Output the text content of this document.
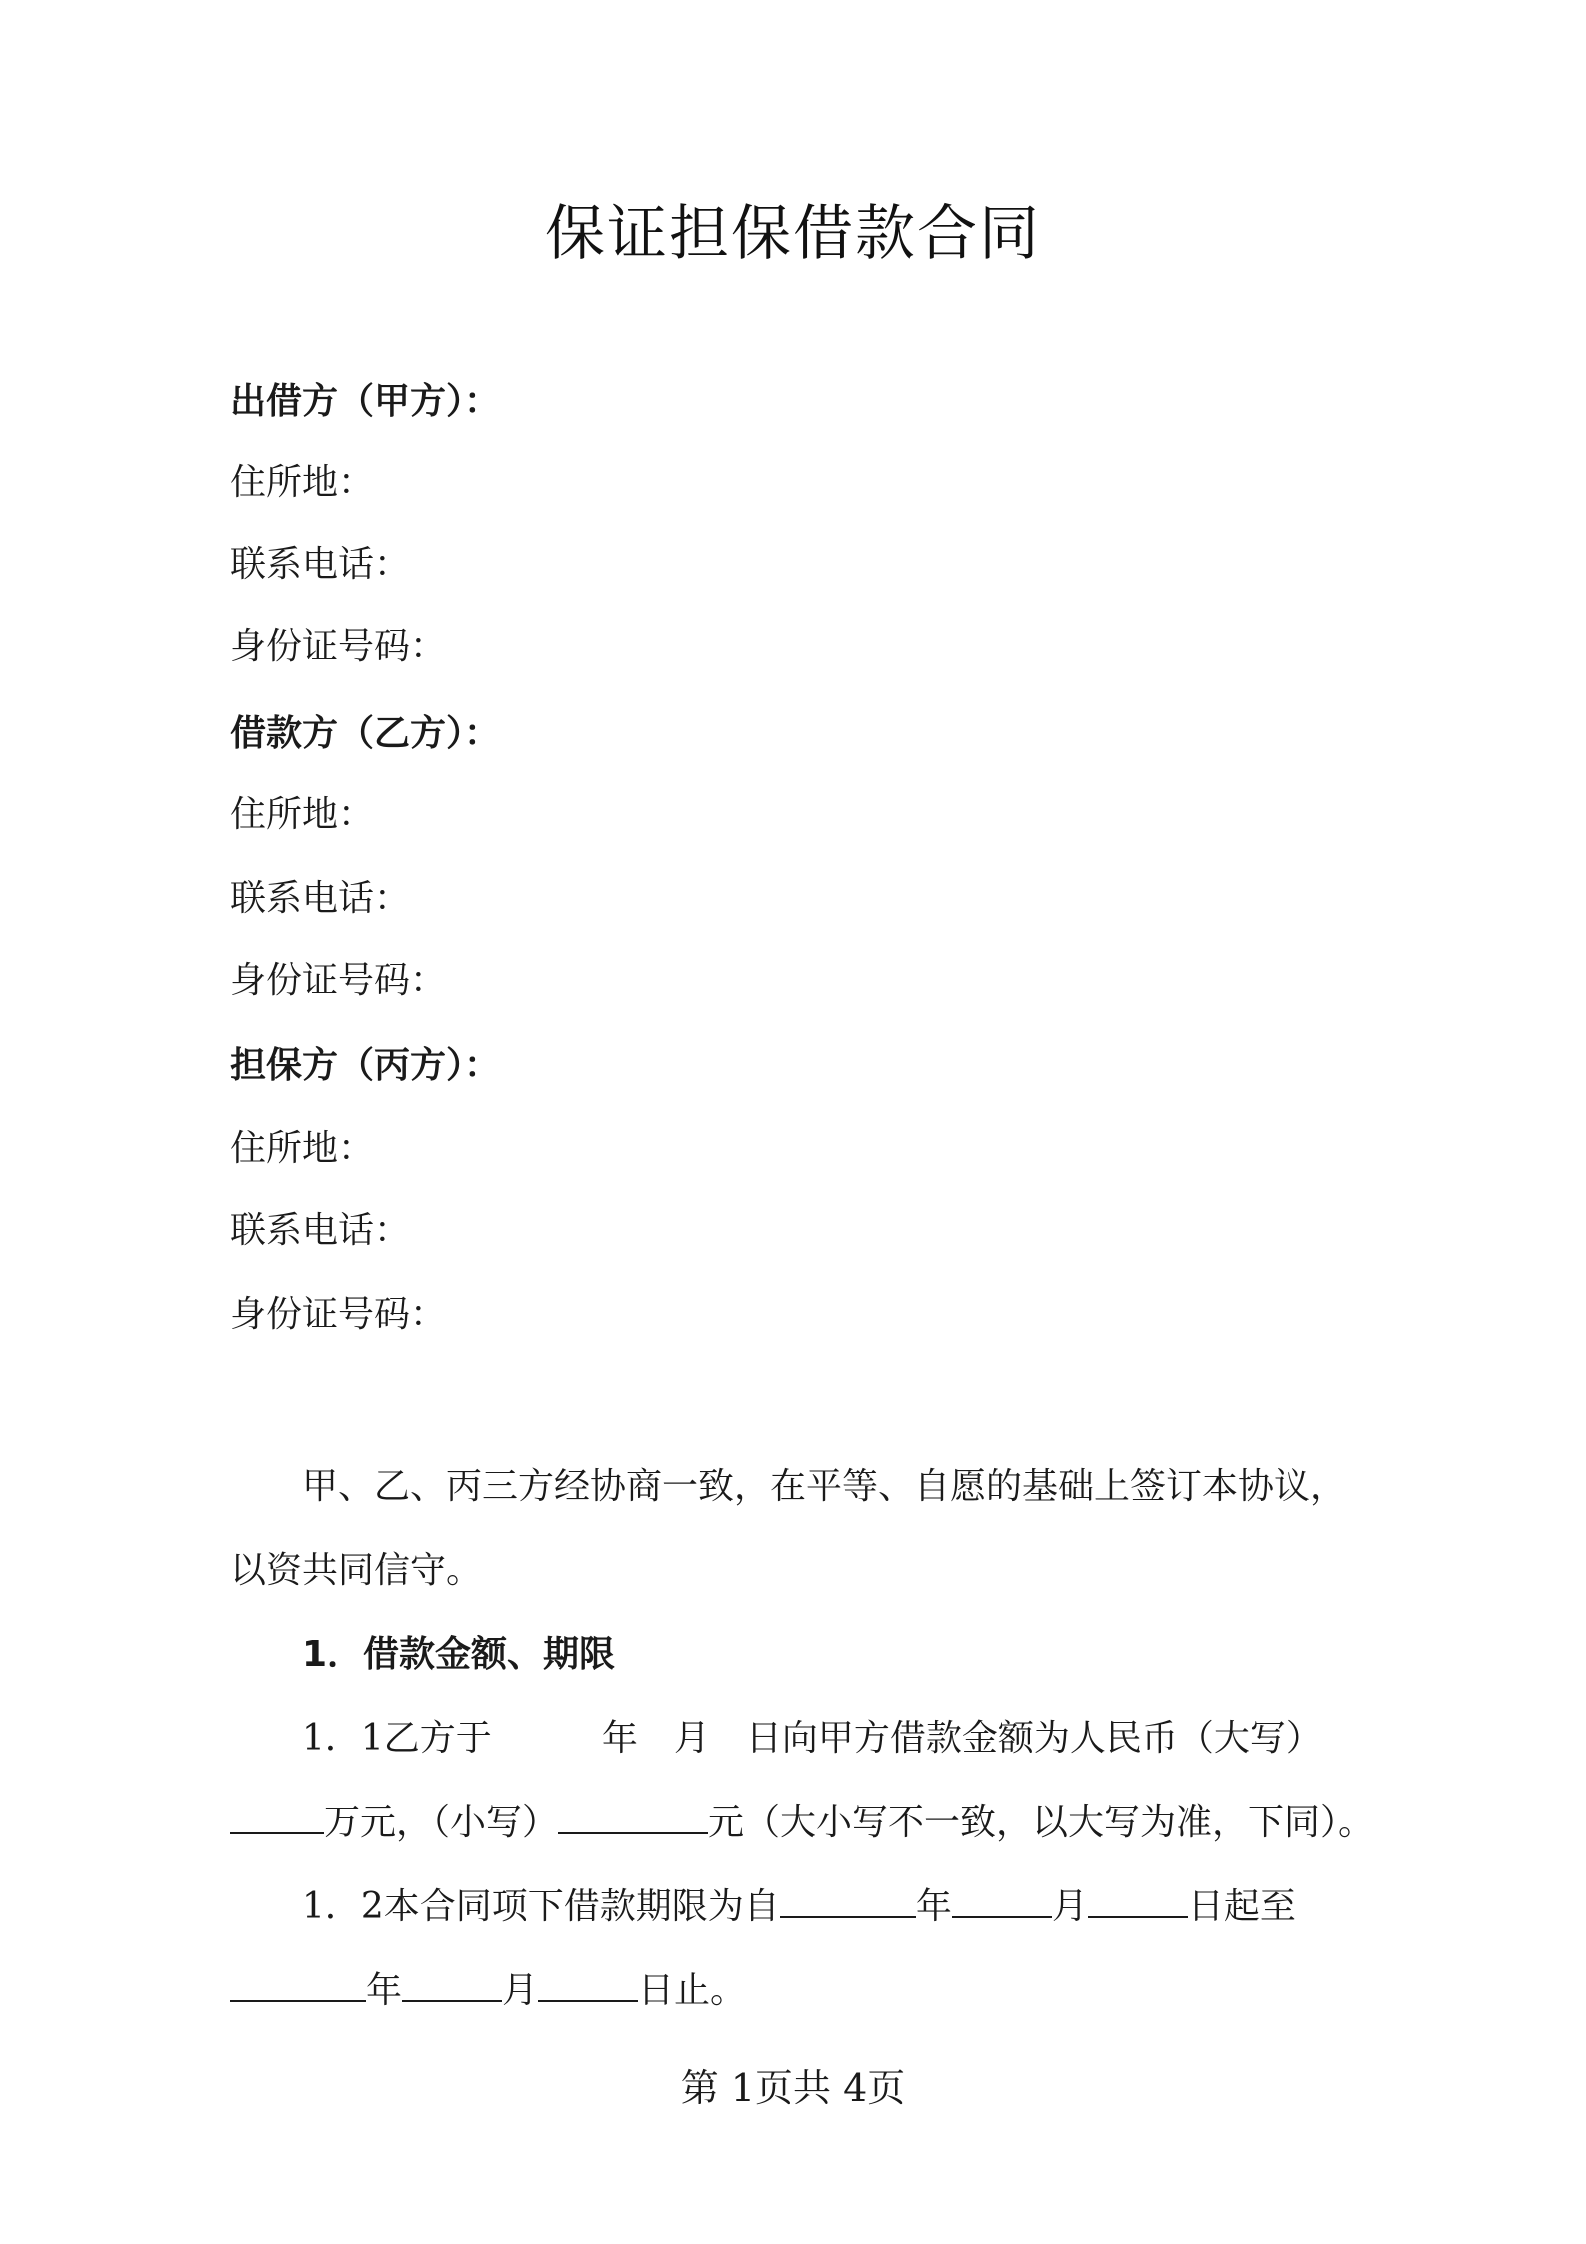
保证担保借款合同
出借方（甲方）：
住所地：
联系电话：
身份证号码：
借款方（乙方）：
住所地：
联系电话：
身份证号码：
担保方（丙方）：
住所地：
联系电话：
身份证号码：
甲、乙、丙三方经协商一致，在平等、自愿的基础上签订本协议，
以资共同信守。
1．借款金额、期限
1．1乙方于	年 月 日向甲方借款金额为人民币（大写）
万元，（小写）	元（大小写不一致，以大写为准，下同）。
1．2本合同项下借款期限为自	年	月	日起至
年	月	日止。
第 1页共 4页
